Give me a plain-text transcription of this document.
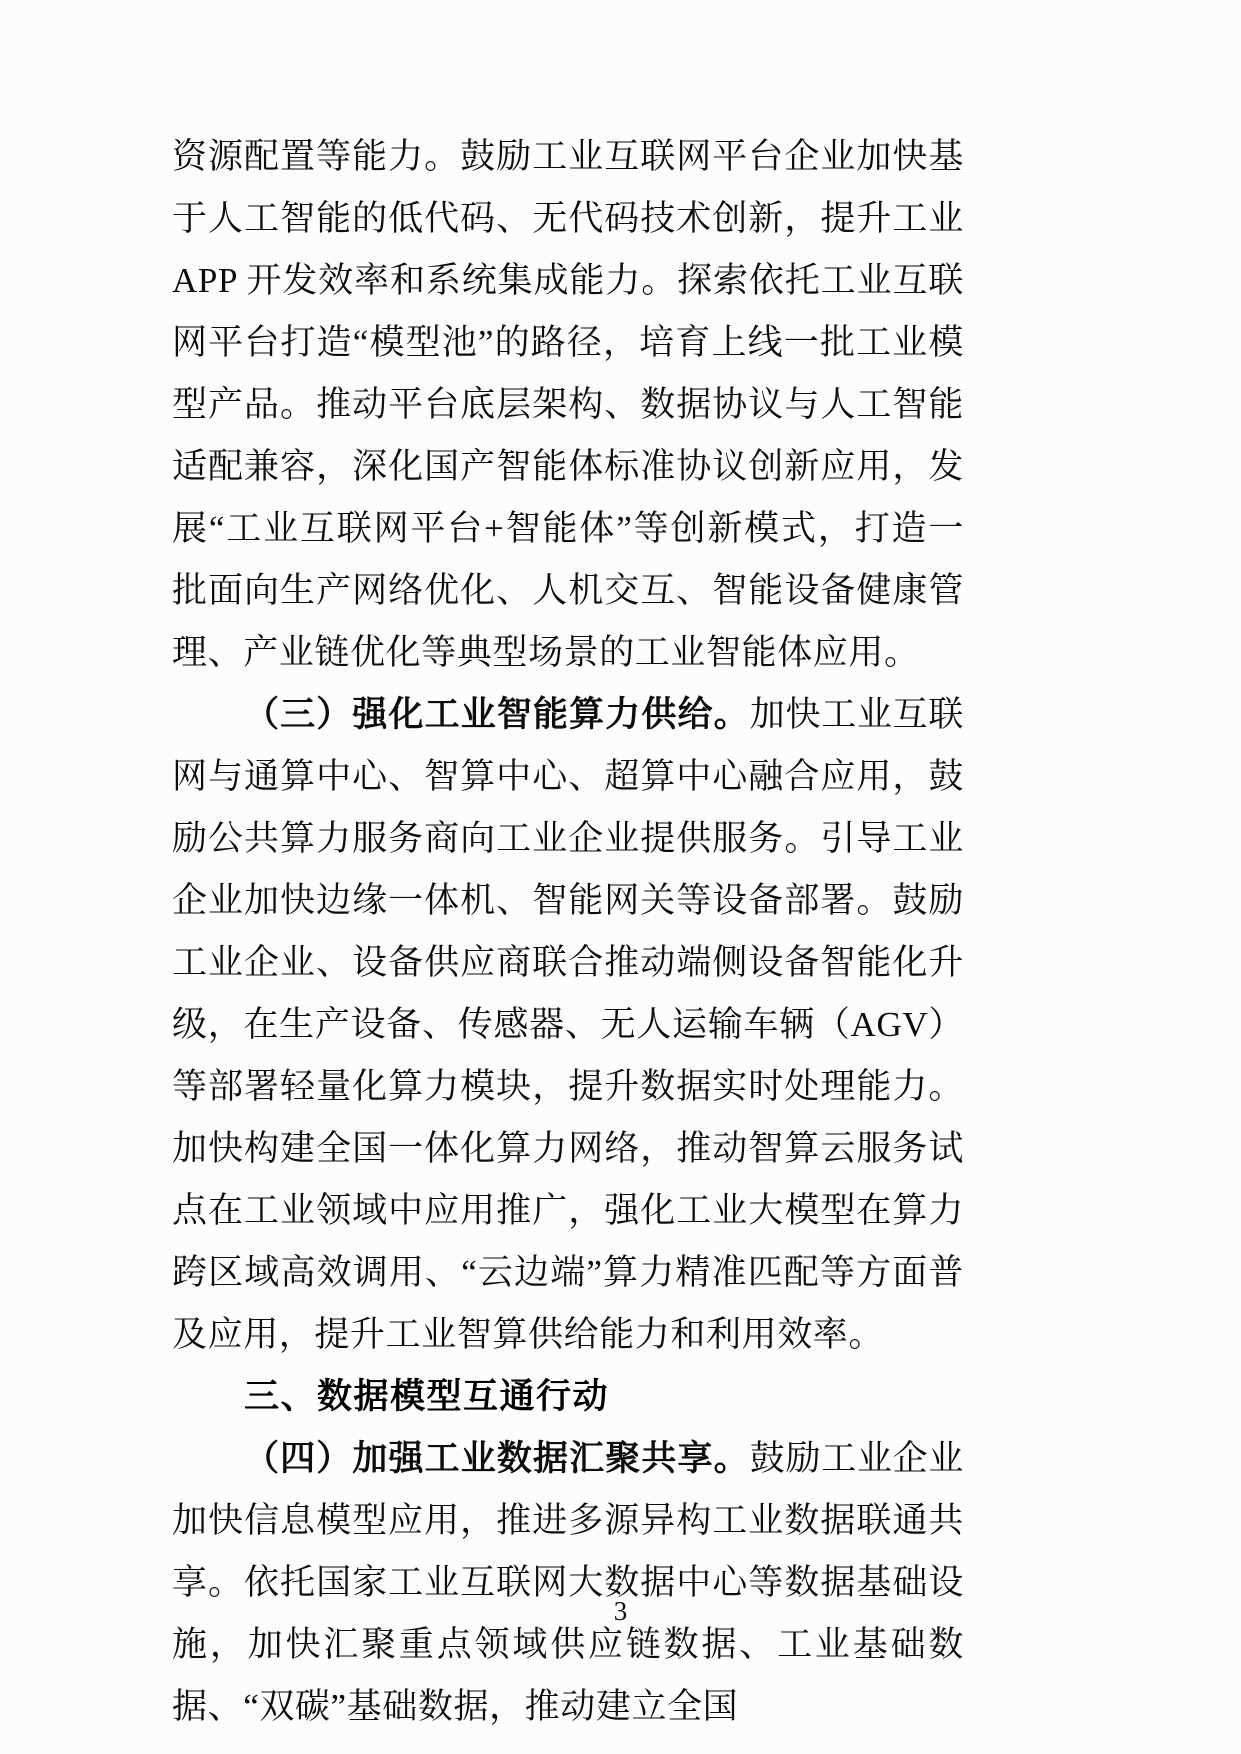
资源配置等能力。鼓励工业互联网平台企业加快基于人工智能的低代码、无代码技术创新，提升工业 APP 开发效率和系统集成能力。探索依托工业互联网平台打造“模型池”的路径，培育上线一批工业模型产品。推动平台底层架构、数据协议与人工智能适配兼容，深化国产智能体标准协议创新应用，发展“工业互联网平台+智能体”等创新模式，打造一批面向生产网络优化、人机交互、智能设备健康管理、产业链优化等典型场景的工业智能体应用。

（三）强化工业智能算力供给。加快工业互联网与通算中心、智算中心、超算中心融合应用，鼓励公共算力服务商向工业企业提供服务。引导工业企业加快边缘一体机、智能网关等设备部署。鼓励工业企业、设备供应商联合推动端侧设备智能化升级，在生产设备、传感器、无人运输车辆（AGV）等部署轻量化算力模块，提升数据实时处理能力。加快构建全国一体化算力网络，推动智算云服务试点在工业领域中应用推广，强化工业大模型在算力跨区域高效调用、“云边端”算力精准匹配等方面普及应用，提升工业智算供给能力和利用效率。

三、数据模型互通行动

（四）加强工业数据汇聚共享。鼓励工业企业加快信息模型应用，推进多源异构工业数据联通共享。依托国家工业互联网大数据中心等数据基础设施，加快汇聚重点领域供应链数据、工业基础数据、“双碳”基础数据，推动建立全国

3
